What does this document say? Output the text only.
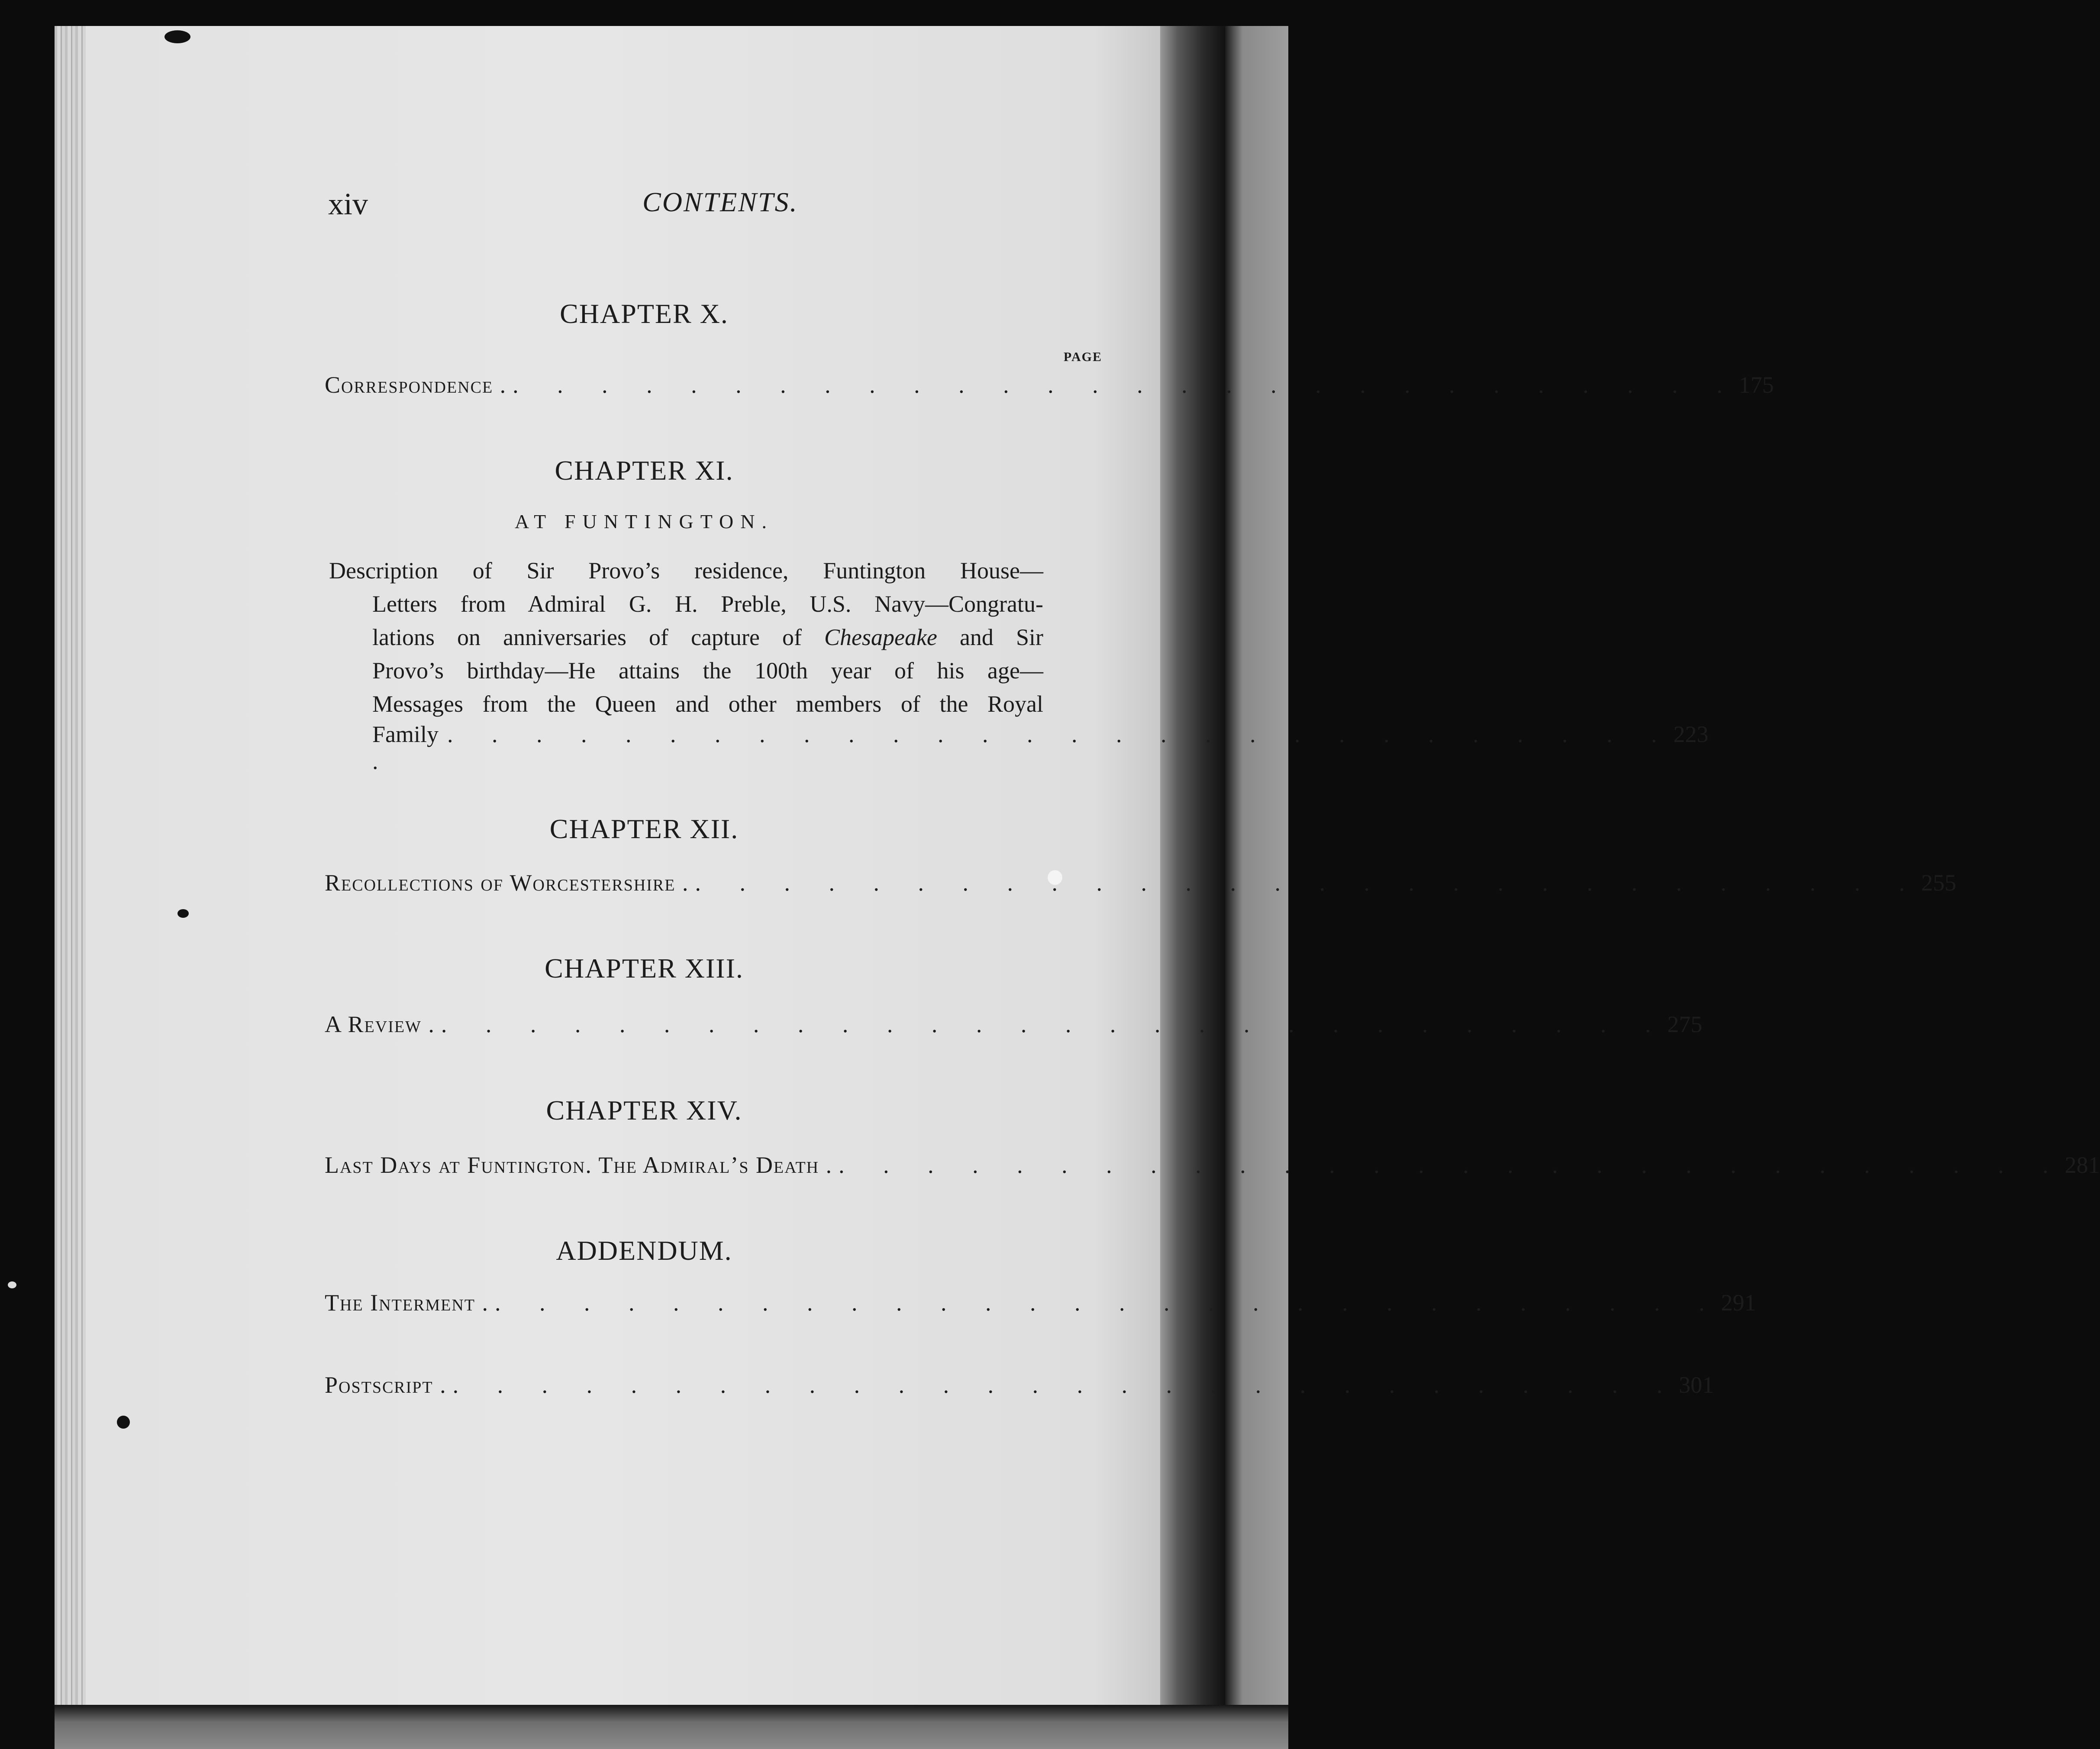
xiv	CONTENTS.
CHAPTER X.
PAGE
Correspondence . . . . . . . . . . . . . . . . . . . . . . . . . . . . . 175
CHAPTER XI.
AT FUNTINGTON.
Description of Sir Provo’s residence, Funtington House—
Letters from Admiral G. H. Preble, U.S. Navy—Congratu-
lations on anniversaries of capture of Chesapeake and Sir
Provo’s birthday—He attains the 100th year of his age—
Messages from the Queen and other members of the Royal
Family .
. . . . . . . . . . . . . . . . . . . . . . . . . . . . 223
CHAPTER XII.
Recollections of Worcestershire . . . . . . . . . . . . . . . . . . . . . . . . . . . . . 255
CHAPTER XIII.
A Review . . . . . . . . . . . . . . . . . . . . . . . . . . . . . 275
CHAPTER XIV.
Last Days at Funtington. The Admiral’s Death . . . . . . . . . . . . . . . . . . . . . . . . . . . . . 281
ADDENDUM.
The Interment . . . . . . . . . . . . . . . . . . . . . . . . . . . . . 291
Postscript . . . . . . . . . . . . . . . . . . . . . . . . . . . . . 301
